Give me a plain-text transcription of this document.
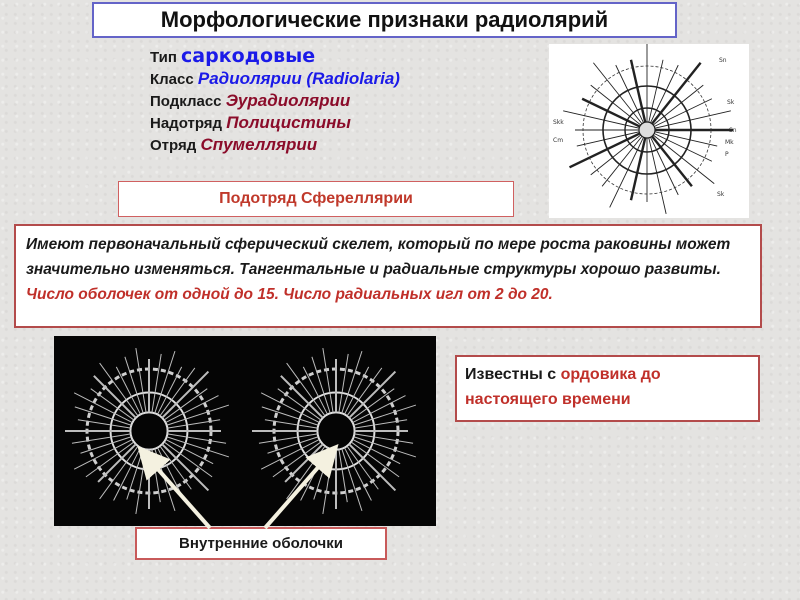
Морфологические признаки радиолярий
Тип саркодовые
Класс Радиолярии (Radiolaria)
Подкласс Эурадиолярии
Надотряд Полицистины
Отряд Спумеллярии
Подотряд Сфереллярии
Sn
Sk
Sn
Mk
P
Skk
Cm
Sk
Имеют первоначальный сферический скелет, который по мере роста раковины может значительно изменяться. Тангентальные и радиальные структуры хорошо развиты. Число оболочек от одной до 15. Число радиальных игл от 2 до 20.
Известны с ордовика до настоящего времени
Внутренние оболочки
